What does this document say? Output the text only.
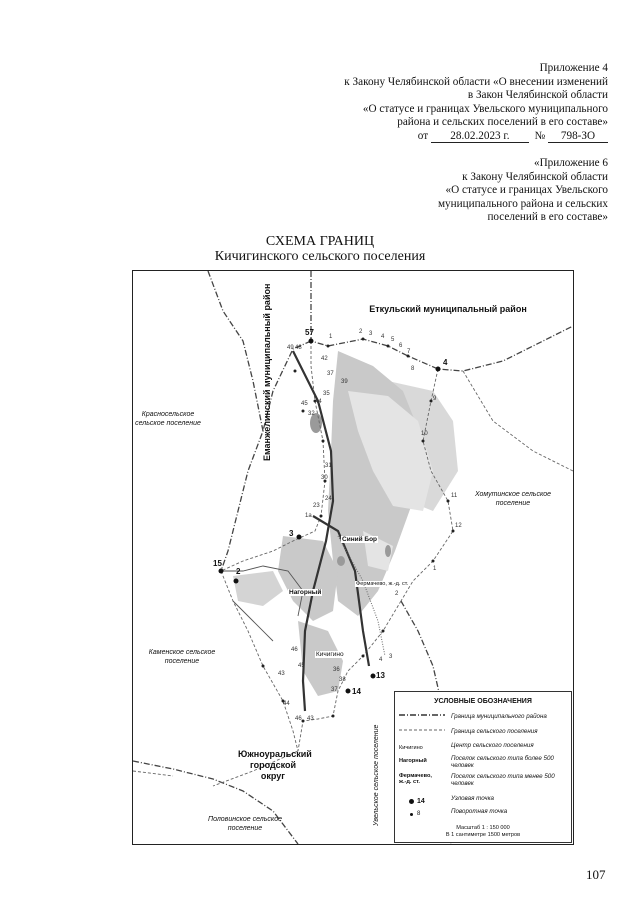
Приложение 4
к Закону Челябинской области «О внесении изменений
в Закон Челябинской области
«О статусе и границах Увельского муниципального
района и сельских поселений в его составе»
от 28.02.2023 г. № 798-ЗО
«Приложение 6
к Закону Челябинской области
«О статусе и границах Увельского
муниципального района и сельских
поселений в его составе»
СХЕМА ГРАНИЦ
Кичигинского сельского поселения
Еткульский муниципальный район
Еманжелинский муниципальный район
Красносельское сельское поселение
Хомутинское сельское поселение
Каменское сельское поселение
Южноуральский городской округ
Половинское сельское поселение
Увельское сельское поселение
Синий Бор
Фермачево, ж.-д. ст.
Нагорный
Кичигино
57
4
3
2
15
13
14
1
2 3 4 5
6
7
8
9
10
11
12
48
49
42
37
39
45 44
35
32
31
30
24
23
1а
46
45
43
36
38
37
44
46 43
4 3
2
1
УСЛОВНЫЕ ОБОЗНАЧЕНИЯ
Граница муниципального района
Граница сельского поселения
Кичигино	Центр сельского поселения
Нагорный	Поселок сельского типа более 500 человек
Фермачево, ж.-д. ст.
Поселок сельского типа менее 500 человек
14	Узловая точка
8	Поворотная точка
Масштаб 1 : 150 000
В 1 сантиметре 1500 метров
107
